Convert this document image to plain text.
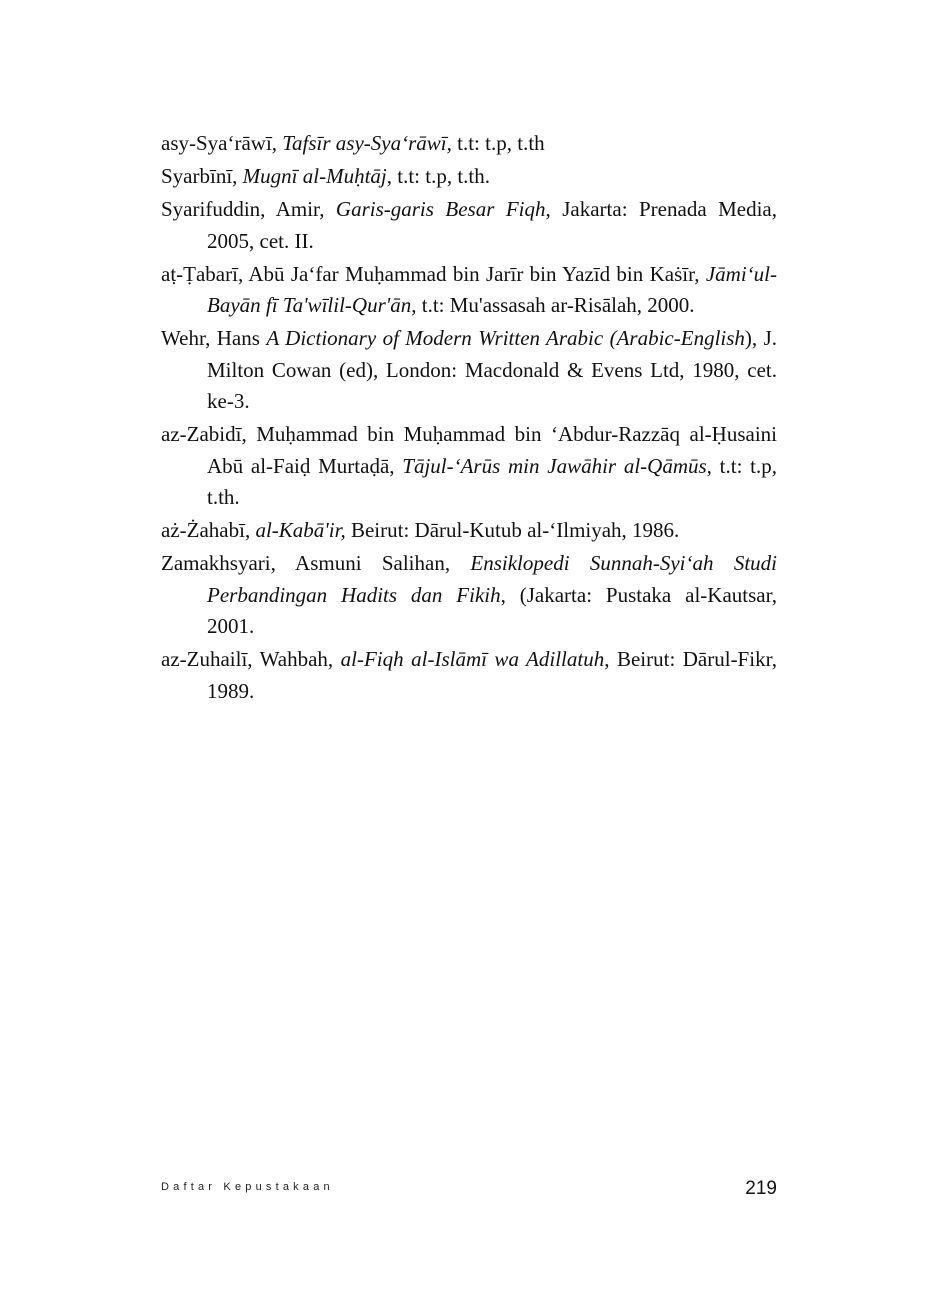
asy-Sya‘rāwī, Tafsīr asy-Sya‘rāwī, t.t: t.p, t.th

Syarbīnī, Mugnī al-Muḥtāj, t.t: t.p, t.th.

Syarifuddin, Amir, Garis-garis Besar Fiqh, Jakarta: Prenada Media, 2005, cet. II.

aṭ-Ṭabarī, Abū Ja‘far Muḥammad bin Jarīr bin Yazīd bin Kaṡīr, Jāmi‘ul-Bayān fī Ta'wīlil-Qur'ān, t.t: Mu'assasah ar-Risālah, 2000.

Wehr, Hans A Dictionary of Modern Written Arabic (Arabic-English), J. Milton Cowan (ed), London: Macdonald & Evens Ltd, 1980, cet. ke-3.

az-Zabidī, Muḥammad bin Muḥammad bin ‘Abdur-Razzāq al-Ḥusaini Abū al-Faiḍ Murtaḍā, Tājul-‘Arūs min Jawāhir al-Qāmūs, t.t: t.p, t.th.

aż-Żahabī, al-Kabā'ir, Beirut: Dārul-Kutub al-‘Ilmiyah, 1986.

Zamakhsyari, Asmuni Salihan, Ensiklopedi Sunnah-Syi‘ah Studi Perbandingan Hadits dan Fikih, (Jakarta: Pustaka al-Kautsar, 2001.

az-Zuhailī, Wahbah, al-Fiqh al-Islāmī wa Adillatuh, Beirut: Dārul-Fikr, 1989.

Daftar Kepustakaan	219
